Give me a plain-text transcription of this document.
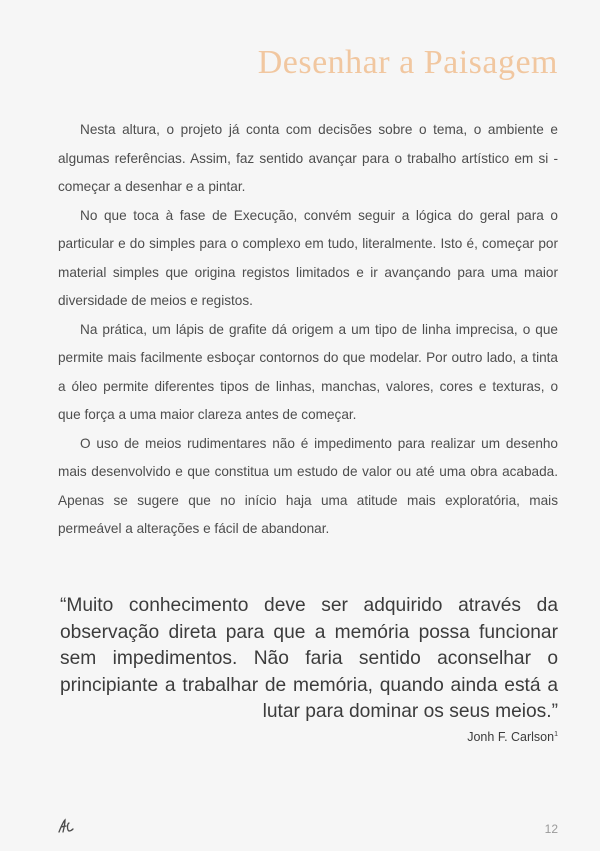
Desenhar a Paisagem

Nesta altura, o projeto já conta com decisões sobre o tema, o ambiente e algumas referências. Assim, faz sentido avançar para o trabalho artístico em si - começar a desenhar e a pintar.

No que toca à fase de Execução, convém seguir a lógica do geral para o particular e do simples para o complexo em tudo, literalmente. Isto é, começar por material simples que origina registos limitados e ir avançando para uma maior diversidade de meios e registos.

Na prática, um lápis de grafite dá origem a um tipo de linha imprecisa, o que permite mais facilmente esboçar contornos do que modelar. Por outro lado, a tinta a óleo permite diferentes tipos de linhas, manchas, valores, cores e texturas, o que força a uma maior clareza antes de começar.

O uso de meios rudimentares não é impedimento para realizar um desenho mais desenvolvido e que constitua um estudo de valor ou até uma obra acabada. Apenas se sugere que no início haja uma atitude mais exploratória, mais permeável a alterações e fácil de abandonar.

“Muito conhecimento deve ser adquirido através da observação direta para que a memória possa funcionar sem impedimentos. Não faria sentido aconselhar o principiante a trabalhar de memória, quando ainda está a lutar para dominar os seus meios.”

Jonh F. Carlson$^1$

12
